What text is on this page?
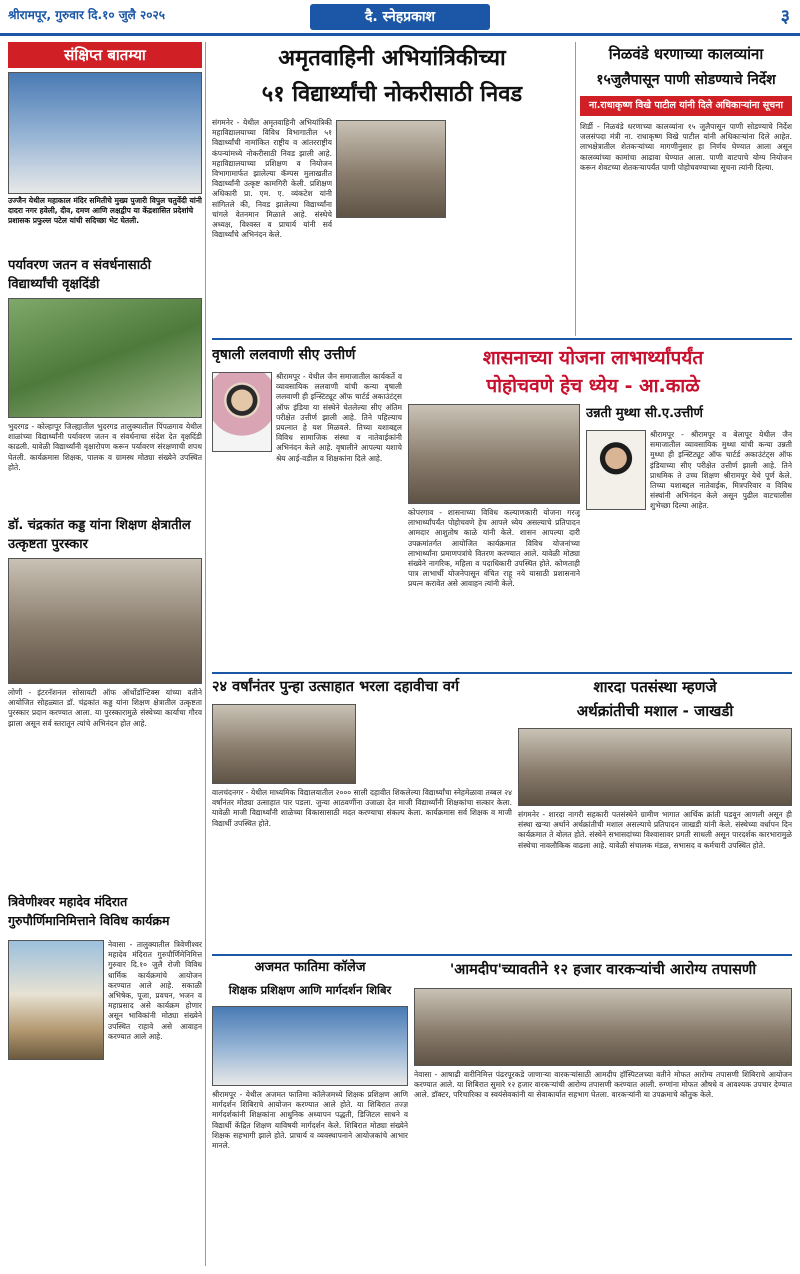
श्रीरामपूर, गुरुवार दि.१० जुलै २०२५	दै. स्नेहप्रकाश	३
संक्षिप्त बातम्या
उज्जैन येथील महाकाल मंदिर समितीचे मुख्य पुजारी विपुल चतुर्वेदी यांनी दादरा नगर हवेली, दीव, दमण आणि लक्षद्वीप या केंद्रशासित प्रदेशांचे प्रशासक प्रफुल्ल पटेल यांची सदिच्छा भेट घेतली.
पर्यावरण जतन व संवर्धनासाठी विद्यार्थ्यांची वृक्षदिंडी
भुदरगड - कोल्हापूर जिल्ह्यातील भुदरगड तालुक्यातील पिंपळगाव येथील शाळांच्या विद्यार्थ्यांनी पर्यावरण जतन व संवर्धनाचा संदेश देत वृक्षदिंडी काढली. यावेळी विद्यार्थ्यांनी वृक्षारोपण करून पर्यावरण संरक्षणाची शपथ घेतली. कार्यक्रमास शिक्षक, पालक व ग्रामस्थ मोठ्या संख्येने उपस्थित होते.
डॉ. चंद्रकांत कड्ड यांना शिक्षण क्षेत्रातील उत्कृष्टता पुरस्कार
लोणी - इंटरनॅशनल सोसायटी ऑफ ऑर्थोडॉन्टिक्स यांच्या वतीने आयोजित सोहळ्यात डॉ. चंद्रकांत कड्ड यांना शिक्षण क्षेत्रातील उत्कृष्टता पुरस्कार प्रदान करण्यात आला. या पुरस्कारामुळे संस्थेच्या कार्याचा गौरव झाला असून सर्व स्तरातून त्यांचे अभिनंदन होत आहे.
त्रिवेणीश्वर महादेव मंदिरात गुरुपौर्णिमानिमित्ताने विविध कार्यक्रम
नेवासा - तालुक्यातील त्रिवेणीश्वर महादेव मंदिरात गुरुपौर्णिमेनिमित्त गुरुवार दि.१० जुलै रोजी विविध धार्मिक कार्यक्रमांचे आयोजन करण्यात आले आहे. सकाळी अभिषेक, पूजा, प्रवचन, भजन व महाप्रसाद असे कार्यक्रम होणार असून भाविकांनी मोठ्या संख्येने उपस्थित राहावे असे आवाहन करण्यात आले आहे.
अमृतवाहिनी अभियांत्रिकीच्या
५१ विद्यार्थ्यांची नोकरीसाठी निवड
संगमनेर - येथील अमृतवाहिनी अभियांत्रिकी महाविद्यालयाच्या विविध विभागातील ५१ विद्यार्थ्यांची नामांकित राष्ट्रीय व आंतरराष्ट्रीय कंपन्यांमध्ये नोकरीसाठी निवड झाली आहे. महाविद्यालयाच्या प्रशिक्षण व नियोजन विभागामार्फत झालेल्या कॅम्पस मुलाखतीत विद्यार्थ्यांनी उत्कृष्ट कामगिरी केली. प्रशिक्षण अधिकारी प्रा. एम. ए. व्यंकटेश यांनी सांगितले की, निवड झालेल्या विद्यार्थ्यांना चांगले वेतनमान मिळाले आहे. संस्थेचे अध्यक्ष, विश्वस्त व प्राचार्य यांनी सर्व विद्यार्थ्यांचे अभिनंदन केले.
निळवंडे धरणाच्या कालव्यांना
१५जुलैपासून पाणी सोडण्याचे निर्देश
ना.राधाकृष्ण विखे पाटील यांनी दिले अधिकाऱ्यांना सूचना
शिर्डी - निळवंडे धरणाच्या कालव्यांना १५ जुलैपासून पाणी सोडण्याचे निर्देश जलसंपदा मंत्री ना. राधाकृष्ण विखे पाटील यांनी अधिकाऱ्यांना दिले आहेत. लाभक्षेत्रातील शेतकऱ्यांच्या मागणीनुसार हा निर्णय घेण्यात आला असून कालव्यांच्या कामांचा आढावा घेण्यात आला. पाणी वाटपाचे योग्य नियोजन करून शेवटच्या शेतकऱ्यापर्यंत पाणी पोहोचवण्याच्या सूचना त्यांनी दिल्या.
वृषाली ललवाणी सीए उत्तीर्ण
श्रीरामपूर - येथील जैन समाजातील कार्यकर्ते व व्यावसायिक ललवाणी यांची कन्या वृषाली ललवाणी ही इन्स्टिट्यूट ऑफ चार्टर्ड अकाउंटंट्स ऑफ इंडिया या संस्थेने घेतलेल्या सीए अंतिम परीक्षेत उत्तीर्ण झाली आहे. तिने पहिल्याच प्रयत्नात हे यश मिळवले. तिच्या यशाबद्दल विविध सामाजिक संस्था व नातेवाईकांनी अभिनंदन केले आहे. वृषालीने आपल्या यशाचे श्रेय आई-वडील व शिक्षकांना दिले आहे.
शासनाच्या योजना लाभार्थ्यांपर्यंत
पोहोचवणे हेच ध्येय - आ.काळे
कोपरगाव - शासनाच्या विविध कल्याणकारी योजना गरजू लाभार्थ्यांपर्यंत पोहोचवणे हेच आपले ध्येय असल्याचे प्रतिपादन आमदार आशुतोष काळे यांनी केले. शासन आपल्या दारी उपक्रमांतर्गत आयोजित कार्यक्रमात विविध योजनांच्या लाभार्थ्यांना प्रमाणपत्रांचे वितरण करण्यात आले. यावेळी मोठ्या संख्येने नागरिक, महिला व पदाधिकारी उपस्थित होते. कोणताही पात्र लाभार्थी योजनेपासून वंचित राहू नये यासाठी प्रशासनाने प्रयत्न करावेत असे आवाहन त्यांनी केले.
उन्नती मुथ्था सी.ए.उत्तीर्ण
श्रीरामपूर - श्रीरामपूर व बेलापूर येथील जैन समाजातील व्यावसायिक मुथ्था यांची कन्या उन्नती मुथ्था ही इन्स्टिट्यूट ऑफ चार्टर्ड अकाउंटंट्स ऑफ इंडियाच्या सीए परीक्षेत उत्तीर्ण झाली आहे. तिने प्राथमिक ते उच्च शिक्षण श्रीरामपूर येथे पूर्ण केले. तिच्या यशाबद्दल नातेवाईक, मित्रपरिवार व विविध संस्थांनी अभिनंदन केले असून पुढील वाटचालीस शुभेच्छा दिल्या आहेत.
२४ वर्षांनंतर पुन्हा उत्साहात भरला दहावीचा वर्ग
वालचंदनगर - येथील माध्यमिक विद्यालयातील २००० साली दहावीत शिकलेल्या विद्यार्थ्यांचा स्नेहमेळावा तब्बल २४ वर्षांनंतर मोठ्या उत्साहात पार पडला. जुन्या आठवणींना उजाळा देत माजी विद्यार्थ्यांनी शिक्षकांचा सत्कार केला. यावेळी माजी विद्यार्थ्यांनी शाळेच्या विकासासाठी मदत करण्याचा संकल्प केला. कार्यक्रमास सर्व शिक्षक व माजी विद्यार्थी उपस्थित होते.
शारदा पतसंस्था म्हणजे
अर्थक्रांतीची मशाल - जाखडी
संगमनेर - शारदा नागरी सहकारी पतसंस्थेने ग्रामीण भागात आर्थिक क्रांती घडवून आणली असून ही संस्था खऱ्या अर्थाने अर्थक्रांतीची मशाल असल्याचे प्रतिपादन जाखडी यांनी केले. संस्थेच्या वर्धापन दिन कार्यक्रमात ते बोलत होते. संस्थेने सभासदांच्या विश्वासावर प्रगती साधली असून पारदर्शक कारभारामुळे संस्थेचा नावलौकिक वाढला आहे. यावेळी संचालक मंडळ, सभासद व कर्मचारी उपस्थित होते.
अजमत फातिमा कॉलेज
शिक्षक प्रशिक्षण आणि मार्गदर्शन शिबिर
श्रीरामपूर - येथील अजमत फातिमा कॉलेजमध्ये शिक्षक प्रशिक्षण आणि मार्गदर्शन शिबिराचे आयोजन करण्यात आले होते. या शिबिरात तज्ज्ञ मार्गदर्शकांनी शिक्षकांना आधुनिक अध्यापन पद्धती, डिजिटल साधने व विद्यार्थी केंद्रित शिक्षण याविषयी मार्गदर्शन केले. शिबिरात मोठ्या संख्येने शिक्षक सहभागी झाले होते. प्राचार्य व व्यवस्थापनाने आयोजकांचे आभार मानले.
'आमदीप'च्यावतीने १२ हजार वारकऱ्यांची आरोग्य तपासणी
नेवासा - आषाढी वारीनिमित्त पंढरपूरकडे जाणाऱ्या वारकऱ्यांसाठी आमदीप हॉस्पिटलच्या वतीने मोफत आरोग्य तपासणी शिबिराचे आयोजन करण्यात आले. या शिबिरात सुमारे १२ हजार वारकऱ्यांची आरोग्य तपासणी करण्यात आली. रुग्णांना मोफत औषधे व आवश्यक उपचार देण्यात आले. डॉक्टर, परिचारिका व स्वयंसेवकांनी या सेवाकार्यात सहभाग घेतला. वारकऱ्यांनी या उपक्रमाचे कौतुक केले.
